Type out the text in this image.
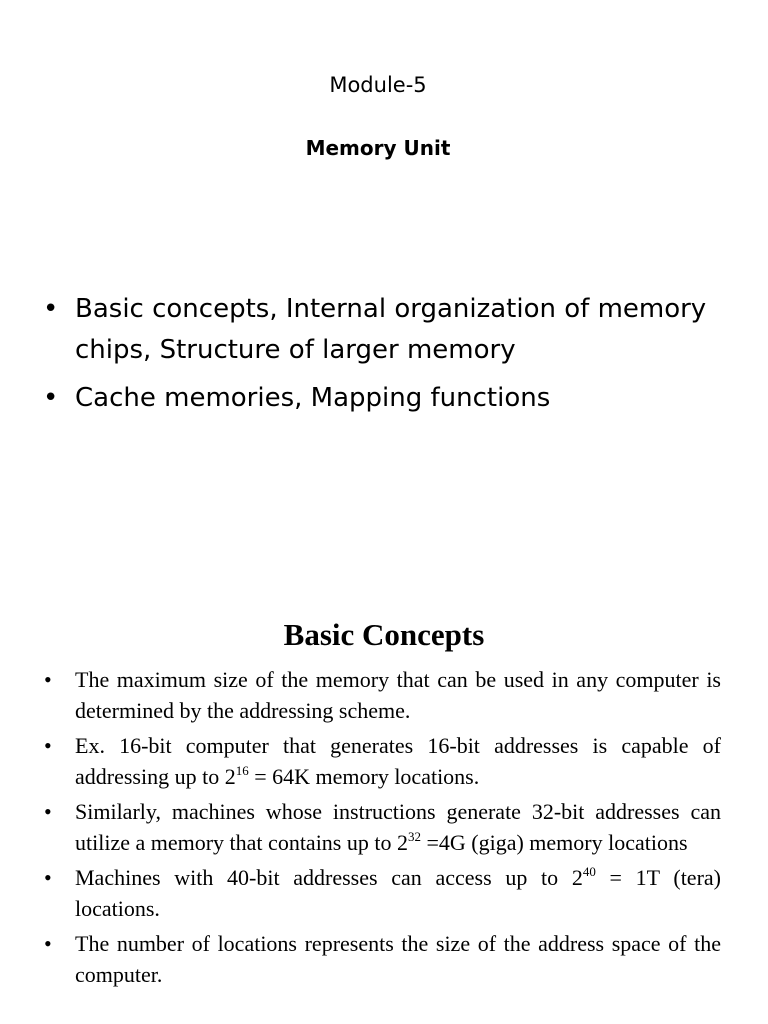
Module-5
Memory Unit
• Basic concepts, Internal organization of memory chips, Structure of larger memory
• Cache memories, Mapping functions
Basic Concepts
• The maximum size of the memory that can be used in any computer is determined by the addressing scheme.
• Ex. 16-bit computer that generates 16-bit addresses is capable of addressing up to $2^{16} = 64K$ memory locations.
• Similarly, machines whose instructions generate 32-bit addresses can utilize a memory that contains up to $2^{32} =4G$ (giga) memory locations
• Machines with 40-bit addresses can access up to $2^{40} = 1T$ (tera) locations.
• The number of locations represents the size of the address space of the computer.
